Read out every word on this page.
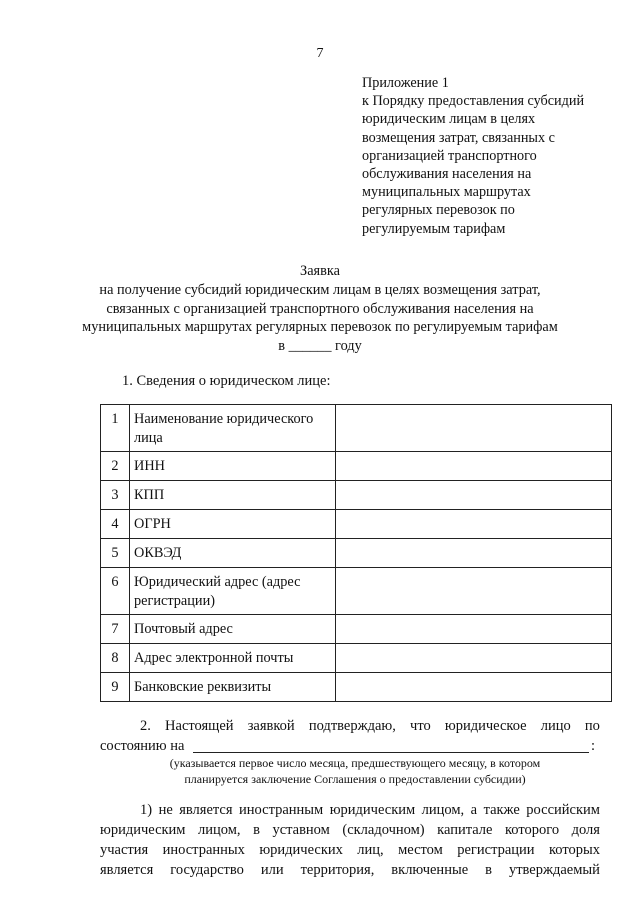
7
Приложение 1
к Порядку предоставления субсидий
юридическим лицам в целях
возмещения затрат, связанных с
организацией транспортного
обслуживания населения на
муниципальных маршрутах
регулярных перевозок по
регулируемым тарифам
Заявка
на получение субсидий юридическим лицам в целях возмещения затрат,
связанных с организацией транспортного обслуживания населения на
муниципальных маршрутах регулярных перевозок по регулируемым тарифам
в ______ году
1. Сведения о юридическом лице:
1	Наименование юридического лица	
2	ИНН	
3	КПП	
4	ОГРН	
5	ОКВЭД	
6	Юридический адрес (адрес регистрации)	
7	Почтовый адрес	
8	Адрес электронной почты	
9	Банковские реквизиты	
2. Настоящей заявкой подтверждаю, что юридическое лицо по
состоянию на	:
(указывается первое число месяца, предшествующего месяцу, в котором
планируется заключение Соглашения о предоставлении субсидии)
1) не является иностранным юридическим лицом, а также российским
юридическим лицом, в уставном (складочном) капитале которого доля
участия иностранных юридических лиц, местом регистрации которых
является государство или территория, включенные в утверждаемый
